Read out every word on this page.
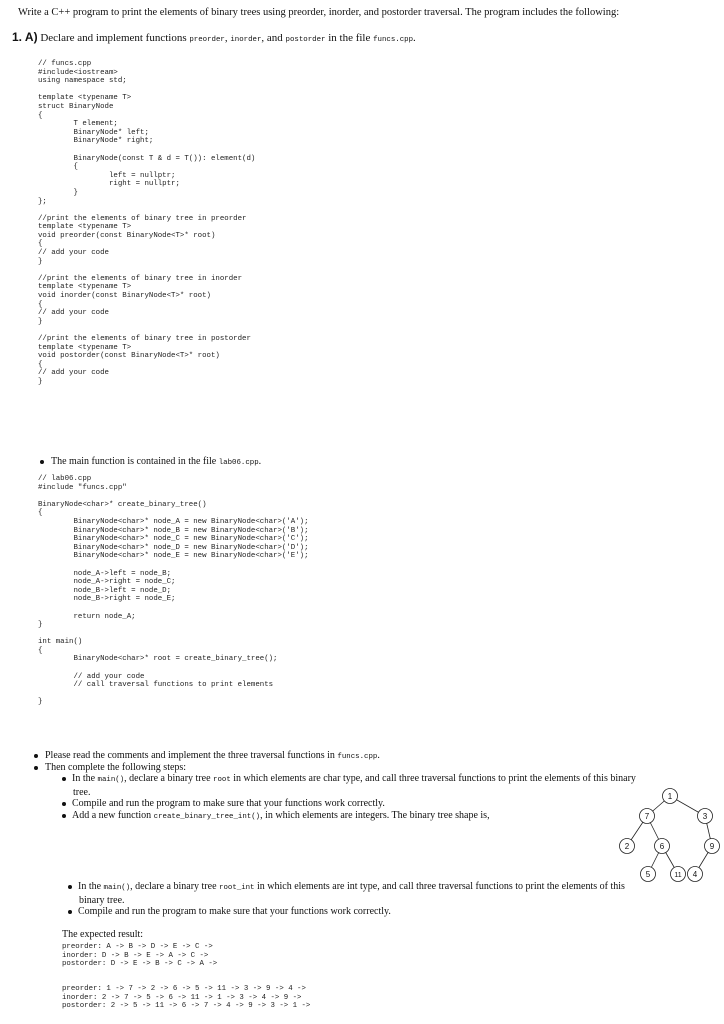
Write a C++ program to print the elements of binary trees using preorder, inorder, and postorder traversal. The program includes the following:
1. A) Declare and implement functions preorder, inorder, and postorder in the file funcs.cpp.
// funcs.cpp
#include<iostream>
using namespace std;

template <typename T>
struct BinaryNode
{
T element;
BinaryNode* left;
BinaryNode* right;

BinaryNode(const T & d = T()): element(d)
{
left = nullptr;
right = nullptr;
}
};

//print the elements of binary tree in preorder
template <typename T>
void preorder(const BinaryNode<T>* root)
{
// add your code
}

//print the elements of binary tree in inorder
template <typename T>
void inorder(const BinaryNode<T>* root)
{
// add your code
}

//print the elements of binary tree in postorder
template <typename T>
void postorder(const BinaryNode<T>* root)
{
// add your code
}
The main function is contained in the file lab06.cpp.
// lab06.cpp
#include "funcs.cpp"

BinaryNode<char>* create_binary_tree()
{
BinaryNode<char>* node_A = new BinaryNode<char>('A');
BinaryNode<char>* node_B = new BinaryNode<char>('B');
BinaryNode<char>* node_C = new BinaryNode<char>('C');
BinaryNode<char>* node_D = new BinaryNode<char>('D');
BinaryNode<char>* node_E = new BinaryNode<char>('E');

node_A->left = node_B;
node_A->right = node_C;
node_B->left = node_D;
node_B->right = node_E;

return node_A;
}

int main()
{
BinaryNode<char>* root = create_binary_tree();

// add your code
// call traversal functions to print elements

}
Please read the comments and implement the three traversal functions in funcs.cpp.
Then complete the following steps:
In the main(), declare a binary tree root in which elements are char type, and call three traversal functions to print the elements of this binary
tree.
Compile and run the program to make sure that your functions work correctly.
Add a new function create_binary_tree_int(), in which elements are integers. The binary tree shape is,
1
7	3
2	6	9
5	11 4
In the main(), declare a binary tree root_int in which elements are int type, and call three traversal functions to print the elements of this
binary tree.
Compile and run the program to make sure that your functions work correctly.
The expected result:
preorder: A -> B -> D -> E -> C ->
inorder: D -> B -> E -> A -> C ->
postorder: D -> E -> B -> C -> A ->
preorder: 1 -> 7 -> 2 -> 6 -> 5 -> 11 -> 3 -> 9 -> 4 ->
inorder: 2 -> 7 -> 5 -> 6 -> 11 -> 1 -> 3 -> 4 -> 9 ->
postorder: 2 -> 5 -> 11 -> 6 -> 7 -> 4 -> 9 -> 3 -> 1 ->
